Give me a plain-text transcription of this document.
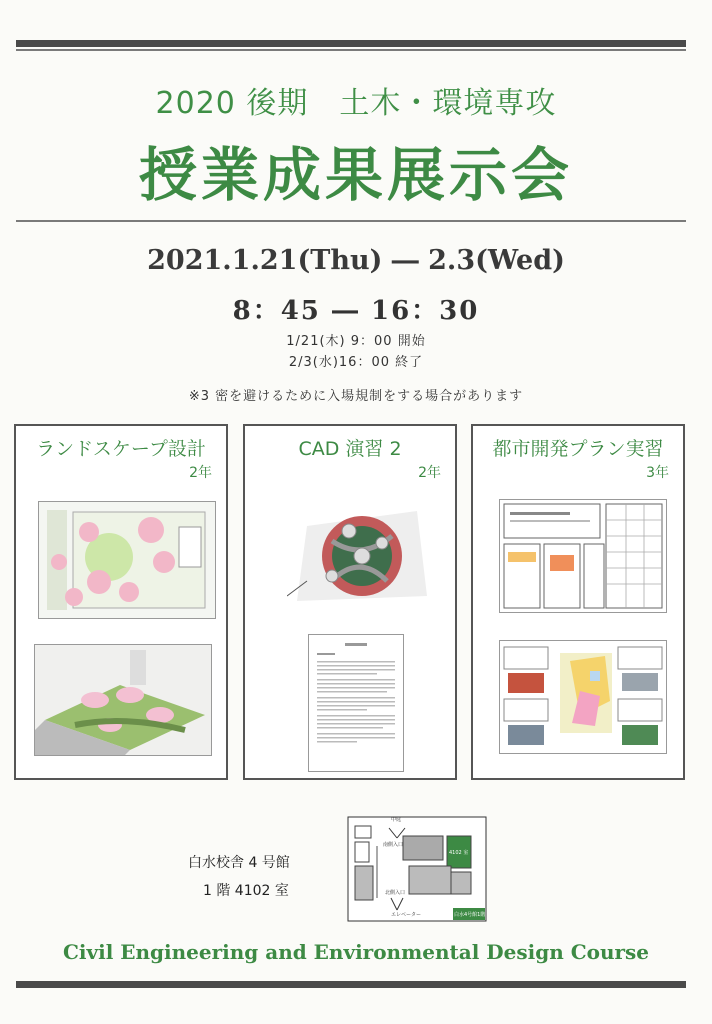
2020 後期　土木・環境専攻
授業成果展示会
2021.1.21(Thu) ― 2.3(Wed)
8：45 ― 16：30
1/21(木) 9：00 開始
2/3(水)16：00 終了
※3 密を避けるために入場規制をする場合があります
ランドスケープ設計
2年
CAD 演習 2
2年
都市開発プラン実習
3年
白水校舎 4 号館
1 階 4102 室
中庭
南側入口
4102 室
北側入口
エレベーター	白水4号館1階
Civil Engineering and Environmental Design Course
